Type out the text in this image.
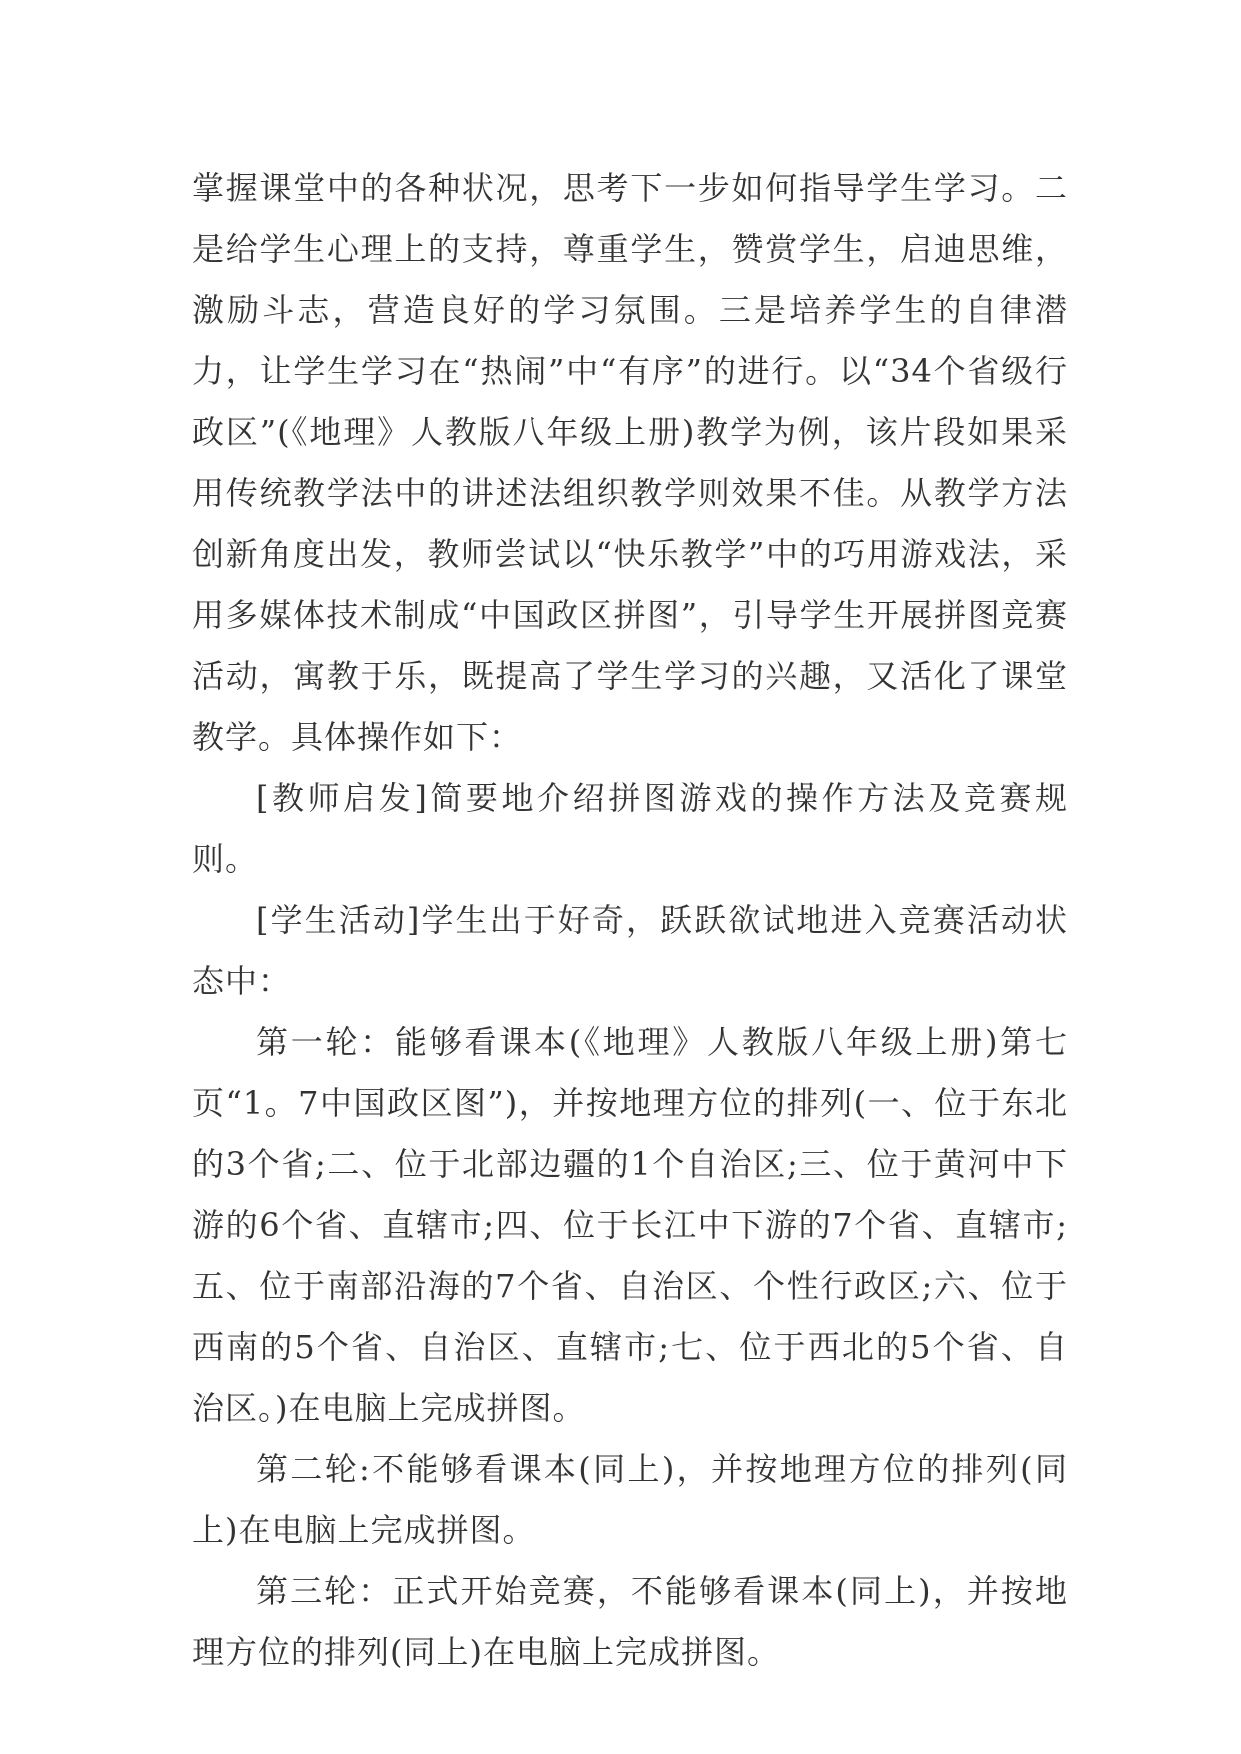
掌握课堂中的各种状况，思考下一步如何指导学生学习。二是给学生心理上的支持，尊重学生，赞赏学生，启迪思维，激励斗志，营造良好的学习氛围。三是培养学生的自律潜力，让学生学习在“热闹”中“有序”的进行。以“34个省级行政区”(《地理》人教版八年级上册)教学为例，该片段如果采用传统教学法中的讲述法组织教学则效果不佳。从教学方法创新角度出发，教师尝试以“快乐教学”中的巧用游戏法，采用多媒体技术制成“中国政区拼图”，引导学生开展拼图竞赛活动，寓教于乐，既提高了学生学习的兴趣，又活化了课堂教学。具体操作如下：

[教师启发]简要地介绍拼图游戏的操作方法及竞赛规则。

[学生活动]学生出于好奇，跃跃欲试地进入竞赛活动状态中：

第一轮：能够看课本(《地理》人教版八年级上册)第七页“1。7中国政区图”)，并按地理方位的排列(一、位于东北的3个省;二、位于北部边疆的1个自治区;三、位于黄河中下游的6个省、直辖市;四、位于长江中下游的7个省、直辖市;五、位于南部沿海的7个省、自治区、个性行政区;六、位于西南的5个省、自治区、直辖市;七、位于西北的5个省、自治区。)在电脑上完成拼图。

第二轮:不能够看课本(同上)，并按地理方位的排列(同上)在电脑上完成拼图。

第三轮：正式开始竞赛，不能够看课本(同上)，并按地理方位的排列(同上)在电脑上完成拼图。
